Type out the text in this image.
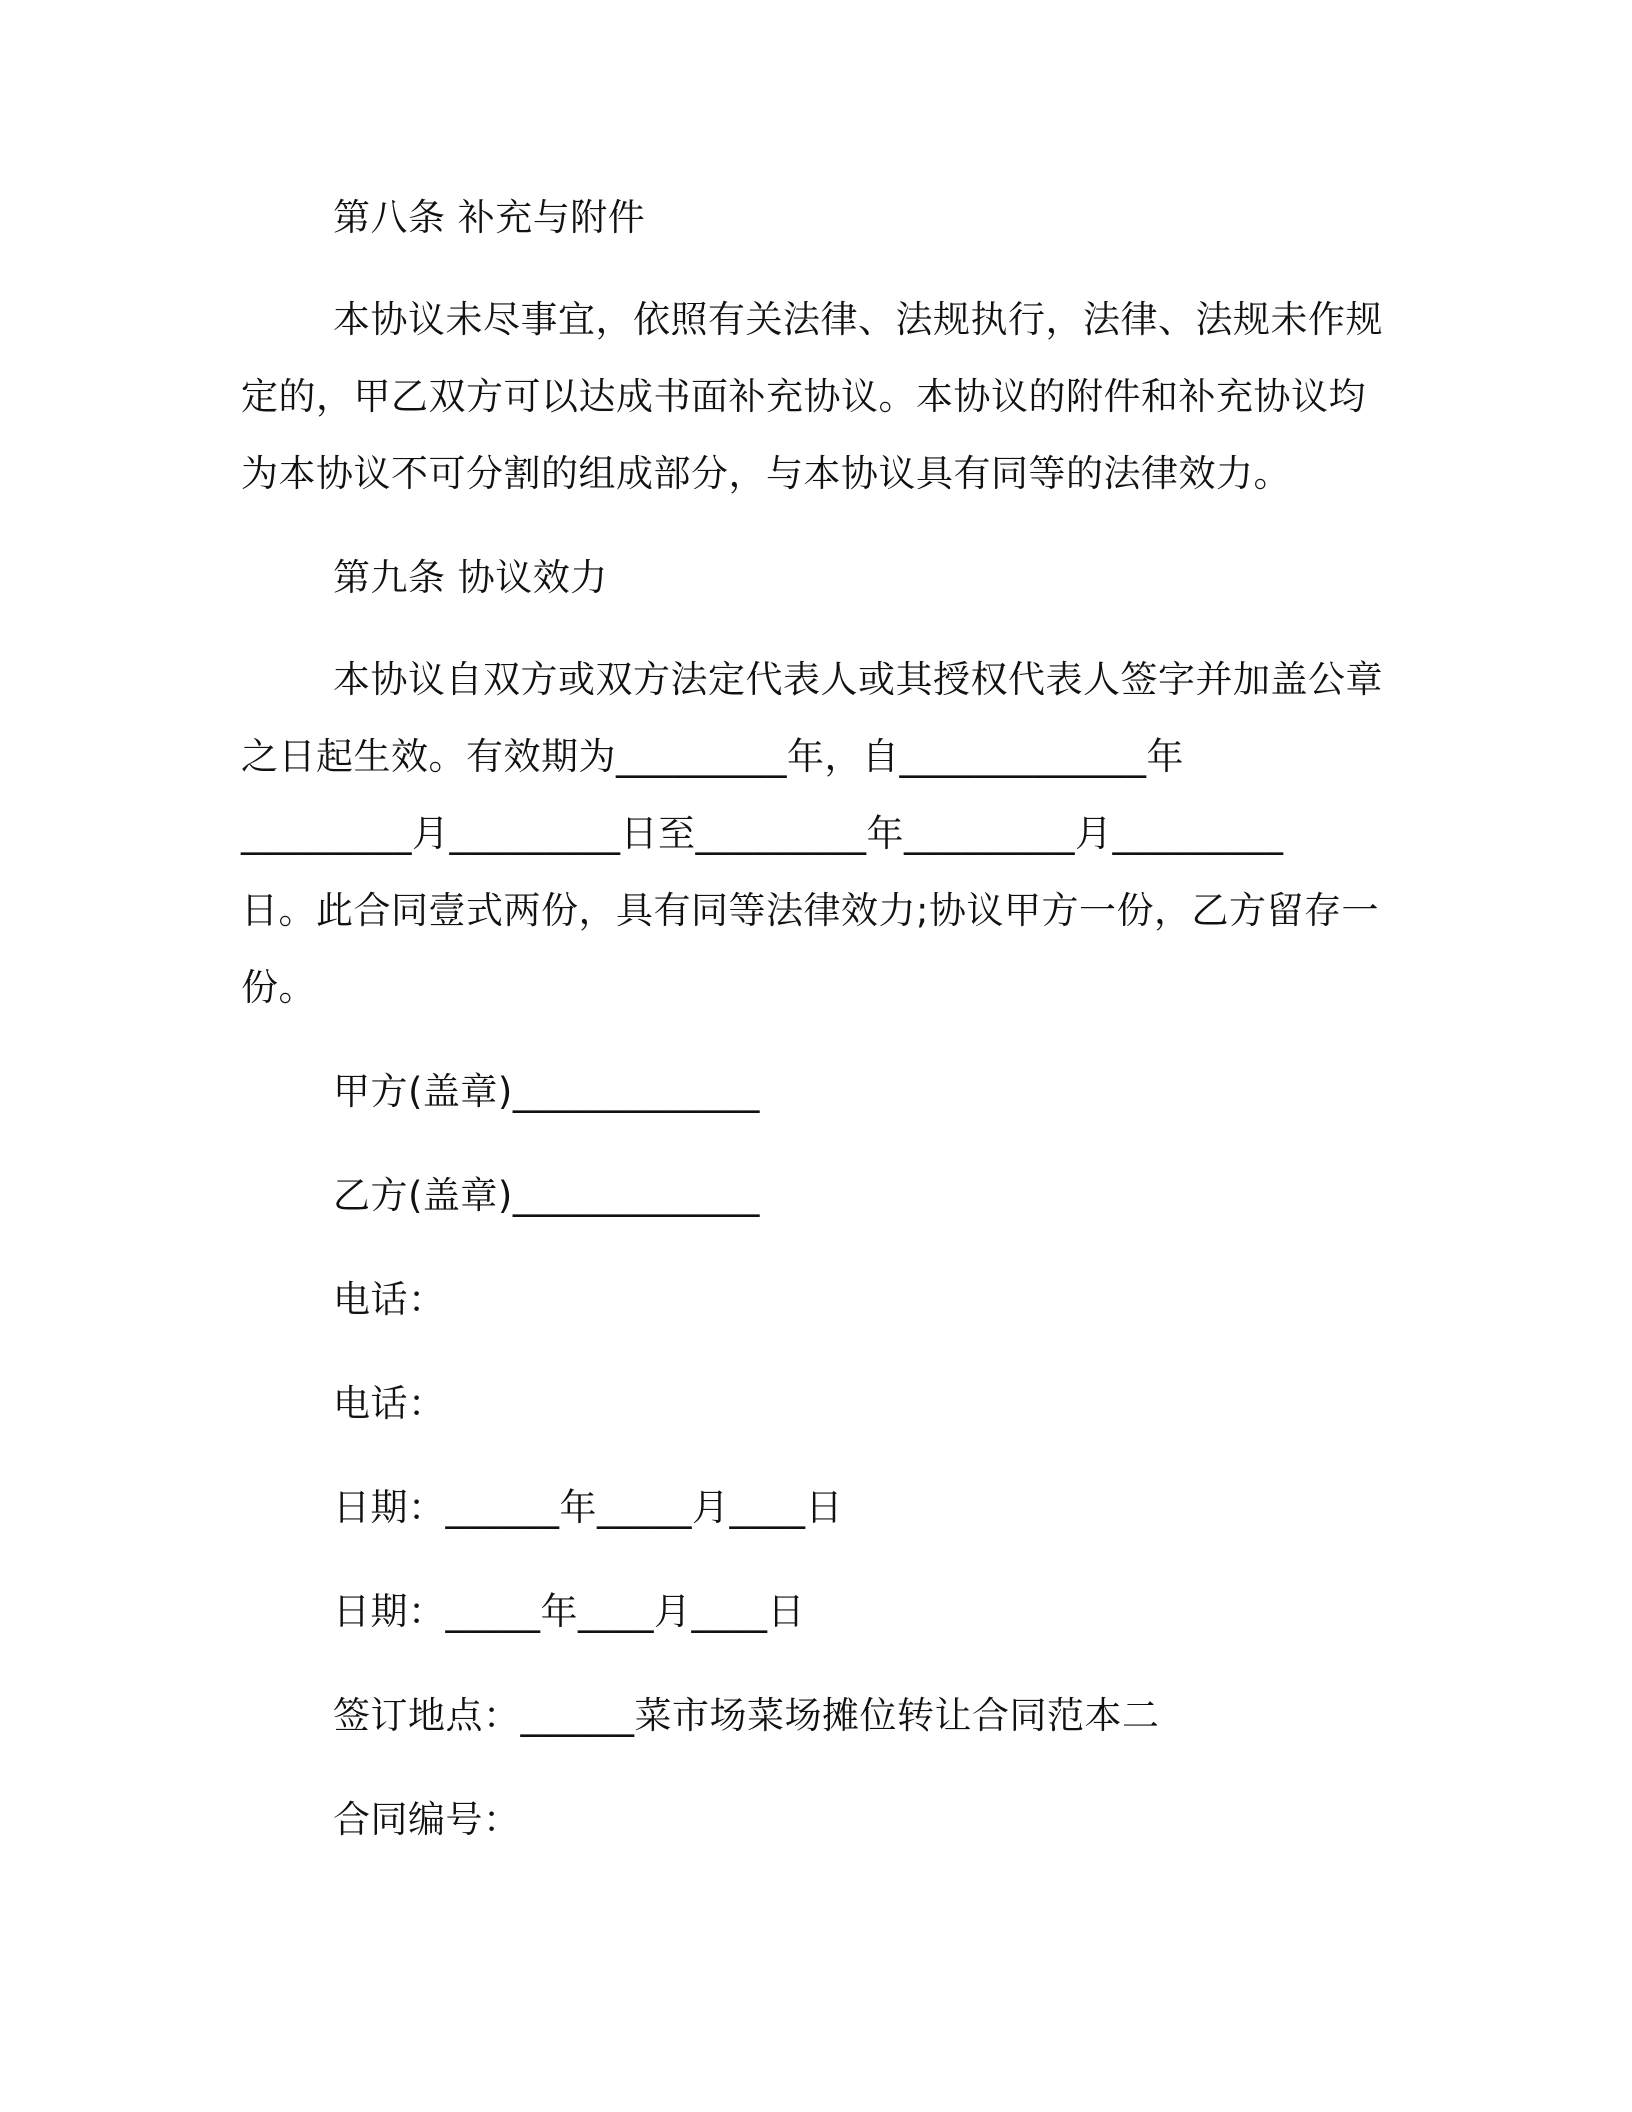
第八条 补充与附件
本协议未尽事宜，依照有关法律、法规执行，法律、法规未作规
定的，甲乙双方可以达成书面补充协议。本协议的附件和补充协议均
为本协议不可分割的组成部分，与本协议具有同等的法律效力。
第九条 协议效力
本协议自双方或双方法定代表人或其授权代表人签字并加盖公章
之日起生效。有效期为_________年，自_____________年
_________月_________日至_________年_________月_________
日。此合同壹式两份，具有同等法律效力;协议甲方一份，乙方留存一
份。
甲方(盖章)_____________
乙方(盖章)_____________
电话：
电话：
日期：______年_____月____日
日期：_____年____月____日
签订地点：______菜市场菜场摊位转让合同范本二
合同编号：
